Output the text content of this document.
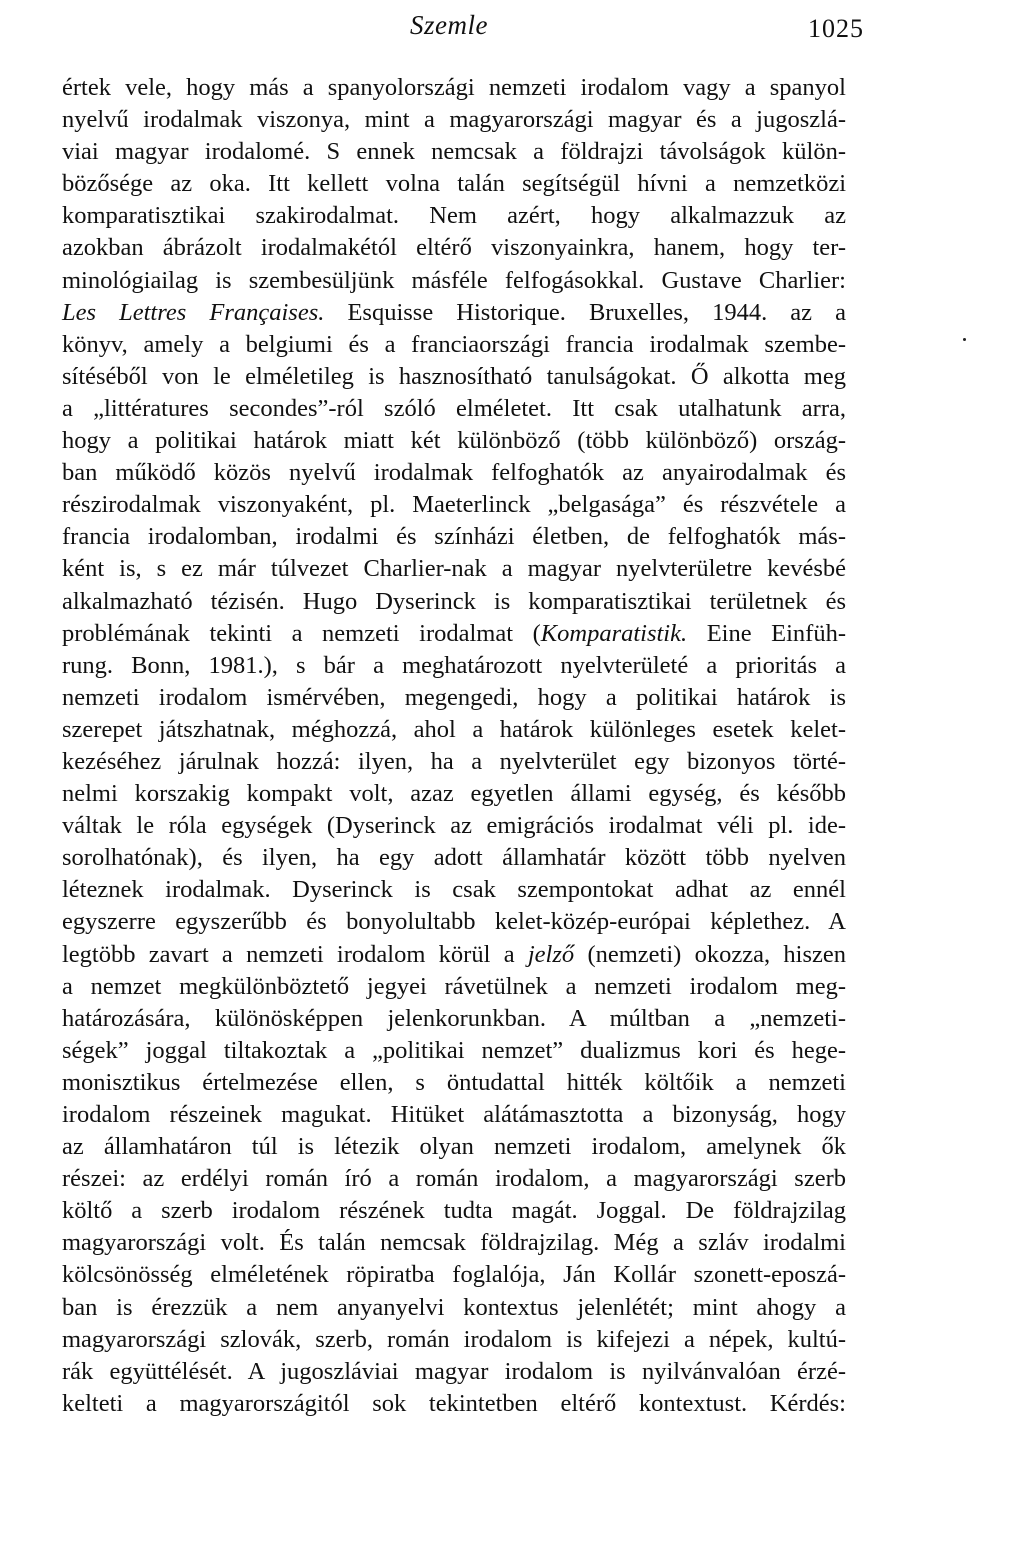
Szemle	1025

értek vele, hogy más a spanyolországi nemzeti irodalom vagy a spanyol
nyelvű irodalmak viszonya, mint a magyarországi magyar és a jugoszlá-
viai magyar irodalomé. S ennek nemcsak a földrajzi távolságok külön-
bözősége az oka. Itt kellett volna talán segítségül hívni a nemzetközi
komparatisztikai szakirodalmat. Nem azért, hogy alkalmazzuk az
azokban ábrázolt irodalmakétól eltérő viszonyainkra, hanem, hogy ter-
minológiailag is szembesüljünk másféle felfogásokkal. Gustave Charlier:
Les Lettres Françaises. Esquisse Historique. Bruxelles, 1944. az a
könyv, amely a belgiumi és a franciaországi francia irodalmak szembe-
sítéséből von le elméletileg is hasznosítható tanulságokat. Ő alkotta meg
a „littératures secondes”-ról szóló elméletet. Itt csak utalhatunk arra,
hogy a politikai határok miatt két különböző (több különböző) ország-
ban működő közös nyelvű irodalmak felfoghatók az anyairodalmak és
részirodalmak viszonyaként, pl. Maeterlinck „belgasága” és részvétele a
francia irodalomban, irodalmi és színházi életben, de felfoghatók más-
ként is, s ez már túlvezet Charlier-nak a magyar nyelvterületre kevésbé
alkalmazható tézisén. Hugo Dyserinck is komparatisztikai területnek és
problémának tekinti a nemzeti irodalmat (Komparatistik. Eine Einfüh-
rung. Bonn, 1981.), s bár a meghatározott nyelvterületé a prioritás a
nemzeti irodalom ismérvében, megengedi, hogy a politikai határok is
szerepet játszhatnak, méghozzá, ahol a határok különleges esetek kelet-
kezéséhez járulnak hozzá: ilyen, ha a nyelvterület egy bizonyos törté-
nelmi korszakig kompakt volt, azaz egyetlen állami egység, és később
váltak le róla egységek (Dyserinck az emigrációs irodalmat véli pl. ide-
sorolhatónak), és ilyen, ha egy adott államhatár között több nyelven
léteznek irodalmak. Dyserinck is csak szempontokat adhat az ennél
egyszerre egyszerűbb és bonyolultabb kelet-közép-európai képlethez. A
legtöbb zavart a nemzeti irodalom körül a jelző (nemzeti) okozza, hiszen
a nemzet megkülönböztető jegyei rávetülnek a nemzeti irodalom meg-
határozására, különösképpen jelenkorunkban. A múltban a „nemzeti-
ségek” joggal tiltakoztak a „politikai nemzet” dualizmus kori és hege-
monisztikus értelmezése ellen, s öntudattal hitték költőik a nemzeti
irodalom részeinek magukat. Hitüket alátámasztotta a bizonyság, hogy
az államhatáron túl is létezik olyan nemzeti irodalom, amelynek ők
részei: az erdélyi román író a román irodalom, a magyarországi szerb
költő a szerb irodalom részének tudta magát. Joggal. De földrajzilag
magyarországi volt. És talán nemcsak földrajzilag. Még a szláv irodalmi
kölcsönösség elméletének röpiratba foglalója, Ján Kollár szonett-eposzá-
ban is érezzük a nem anyanyelvi kontextus jelenlétét; mint ahogy a
magyarországi szlovák, szerb, román irodalom is kifejezi a népek, kultú-
rák együttélését. A jugoszláviai magyar irodalom is nyilvánvalóan érzé-
kelteti a magyarországitól sok tekintetben eltérő kontextust. Kérdés:
